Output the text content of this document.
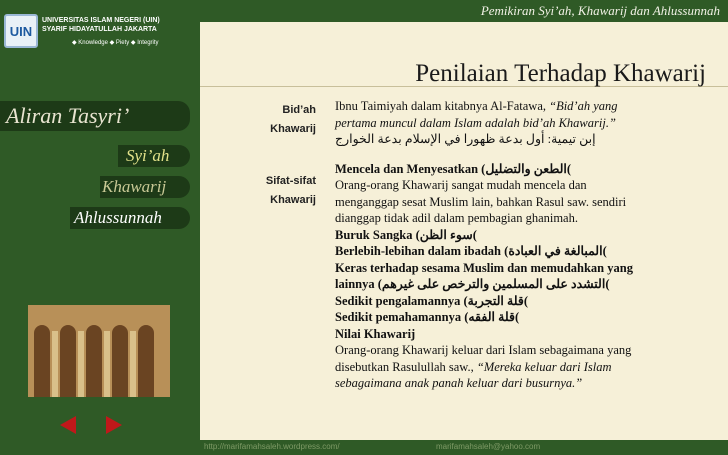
UIN
UNIVERSITAS ISLAM NEGERI (UIN)
SYARIF HIDAYATULLAH JAKARTA
◆ Knowledge ◆ Piety ◆ Integrity
Aliran Tasyri’
Syi’ah
Khawarij
Ahlussunnah
Pemikiran Syi’ah, Khawarij dan Ahlussunnah
Penilaian Terhadap Khawarij
Bid’ah
Khawarij
Sifat-sifat
Khawarij
Ibnu Taimiyah dalam kitabnya Al-Fatawa, “Bid’ah yang
pertama muncul dalam Islam adalah bid’ah Khawarij.”
إبن تيمية: أول بدعة ظهورا في الإسلام بدعة الخوارج
Mencela dan Menyesatkan (الطعن والتضليل(
Orang-orang Khawarij sangat mudah mencela dan
menganggap sesat Muslim lain, bahkan Rasul saw. sendiri
dianggap tidak adil dalam pembagian ghanimah.
Buruk Sangka (سوء الظن(
Berlebih-lebihan dalam ibadah (المبالغة في العبادة(
Keras terhadap sesama Muslim dan memudahkan yang
lainnya (التشدد على المسلمين والترخص على غيرهم(
Sedikit pengalamannya (قلة التجربة(
Sedikit pemahamannya (قلة الفقه(
Nilai Khawarij
Orang-orang Khawarij keluar dari Islam sebagaimana yang
disebutkan Rasulullah saw., “Mereka keluar dari Islam
sebagaimana anak panah keluar dari busurnya.”
http://marifamahsaleh.wordpress.com/	marifamahsaleh@yahoo.com
